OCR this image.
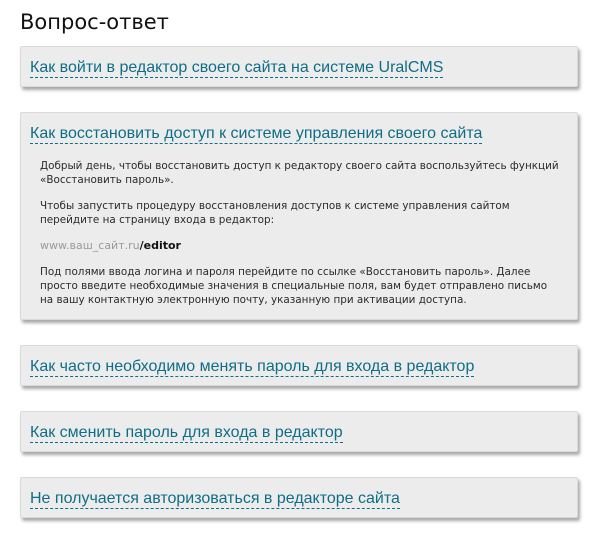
Вопрос-ответ
Как войти в редактор своего сайта на системе UralCMS
Как восстановить доступ к системе управления своего сайта

Добрый день, чтобы восстановить доступ к редактору своего сайта воспользуйтесь функций «Восстановить пароль».

Чтобы запустить процедуру восстановления доступов к системе управления сайтом перейдите на страницу входа в редактор:

www.ваш_сайт.ru/editor

Под полями ввода логина и пароля перейдите по ссылке «Восстановить пароль». Далее просто введите необходимые значения в специальные поля, вам будет отправлено письмо на вашу контактную электронную почту, указанную при активации доступа.

Как часто необходимо менять пароль для входа в редактор
Как сменить пароль для входа в редактор
Не получается авторизоваться в редакторе сайта
